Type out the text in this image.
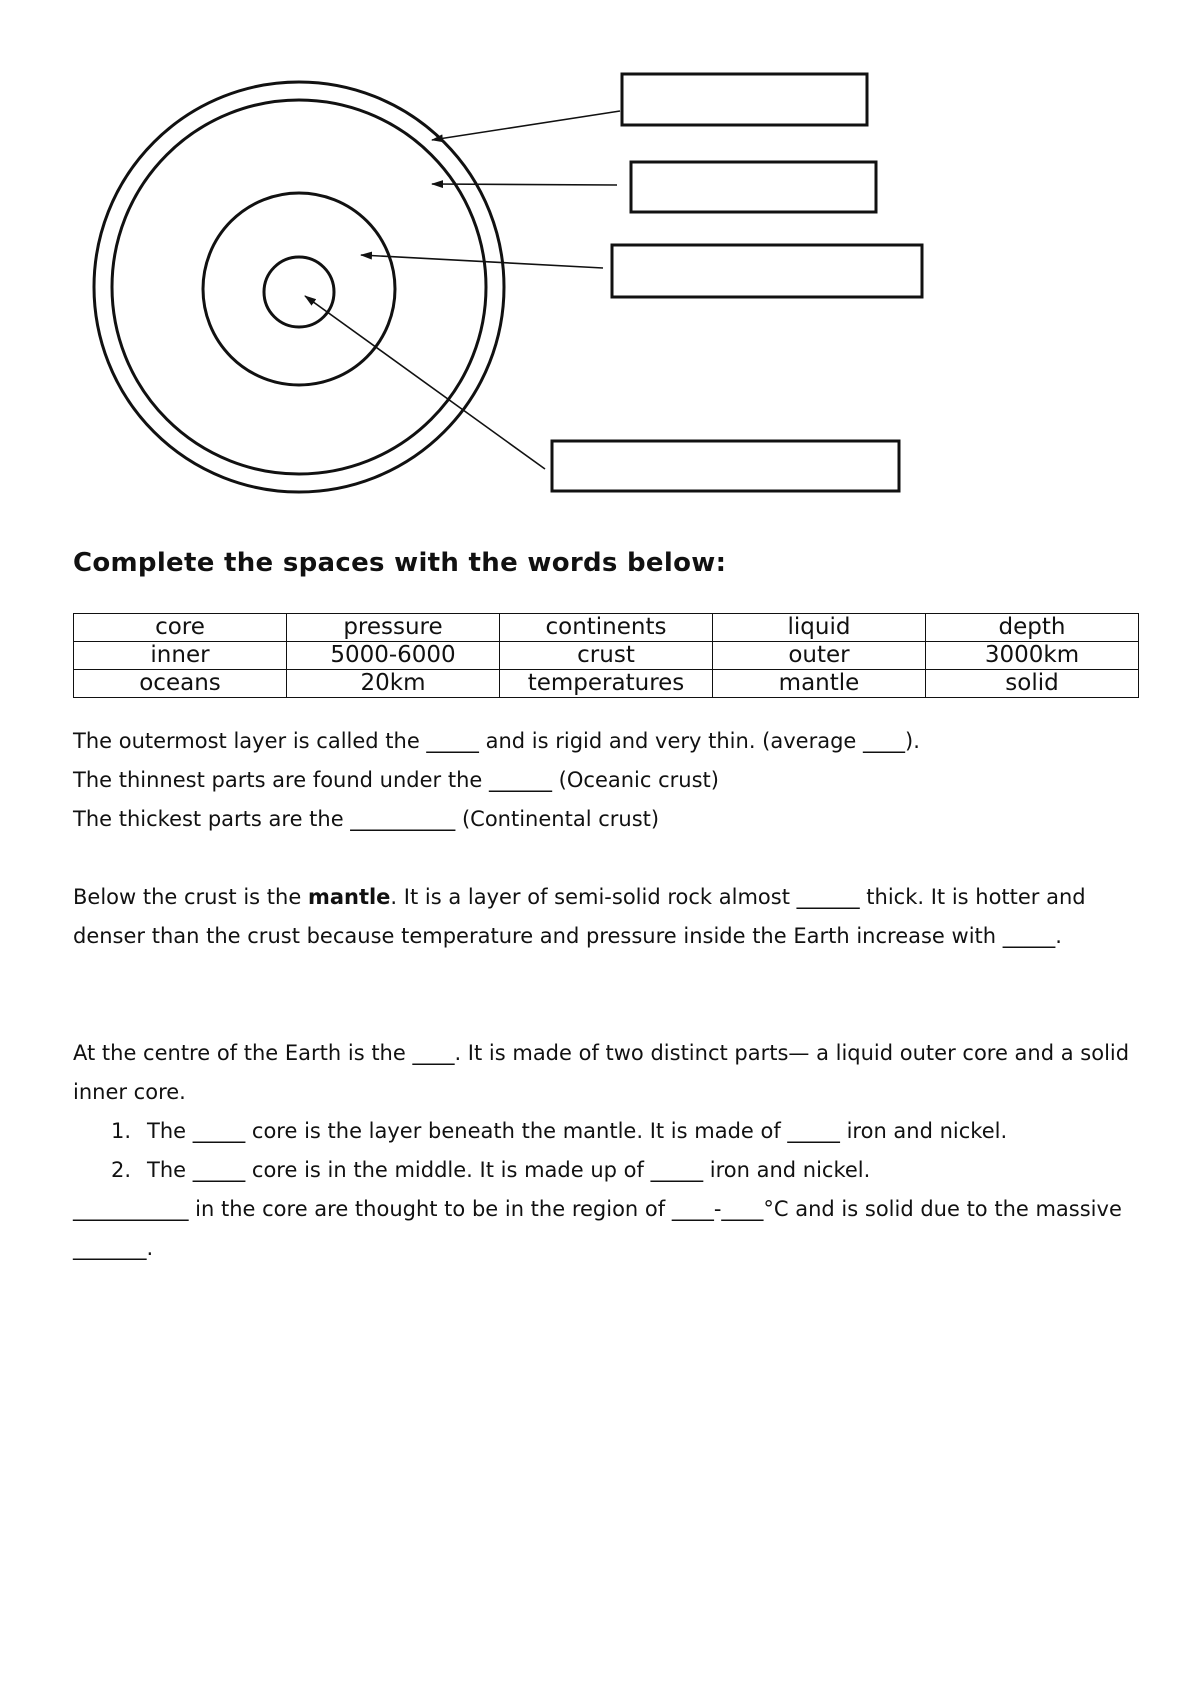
Complete the spaces with the words below:
core	pressure	continents	liquid	depth
inner	5000-6000	crust	outer	3000km
oceans	20km	temperatures	mantle	solid

The outermost layer is called the _____ and is rigid and very thin. (average ____).

The thinnest parts are found under the ______ (Oceanic crust)

The thickest parts are the __________ (Continental crust)

Below the crust is the mantle. It is a layer of semi-solid rock almost ______ thick. It is hotter and denser than the crust because temperature and pressure inside the Earth increase with _____.

At the centre of the Earth is the ____. It is made of two distinct parts— a liquid outer core and a solid inner core.

1. The _____ core is the layer beneath the mantle. It is made of _____ iron and nickel.

2. The _____ core is in the middle. It is made up of _____ iron and nickel.

___________ in the core are thought to be in the region of ____-____°C and is solid due to the massive _______.
